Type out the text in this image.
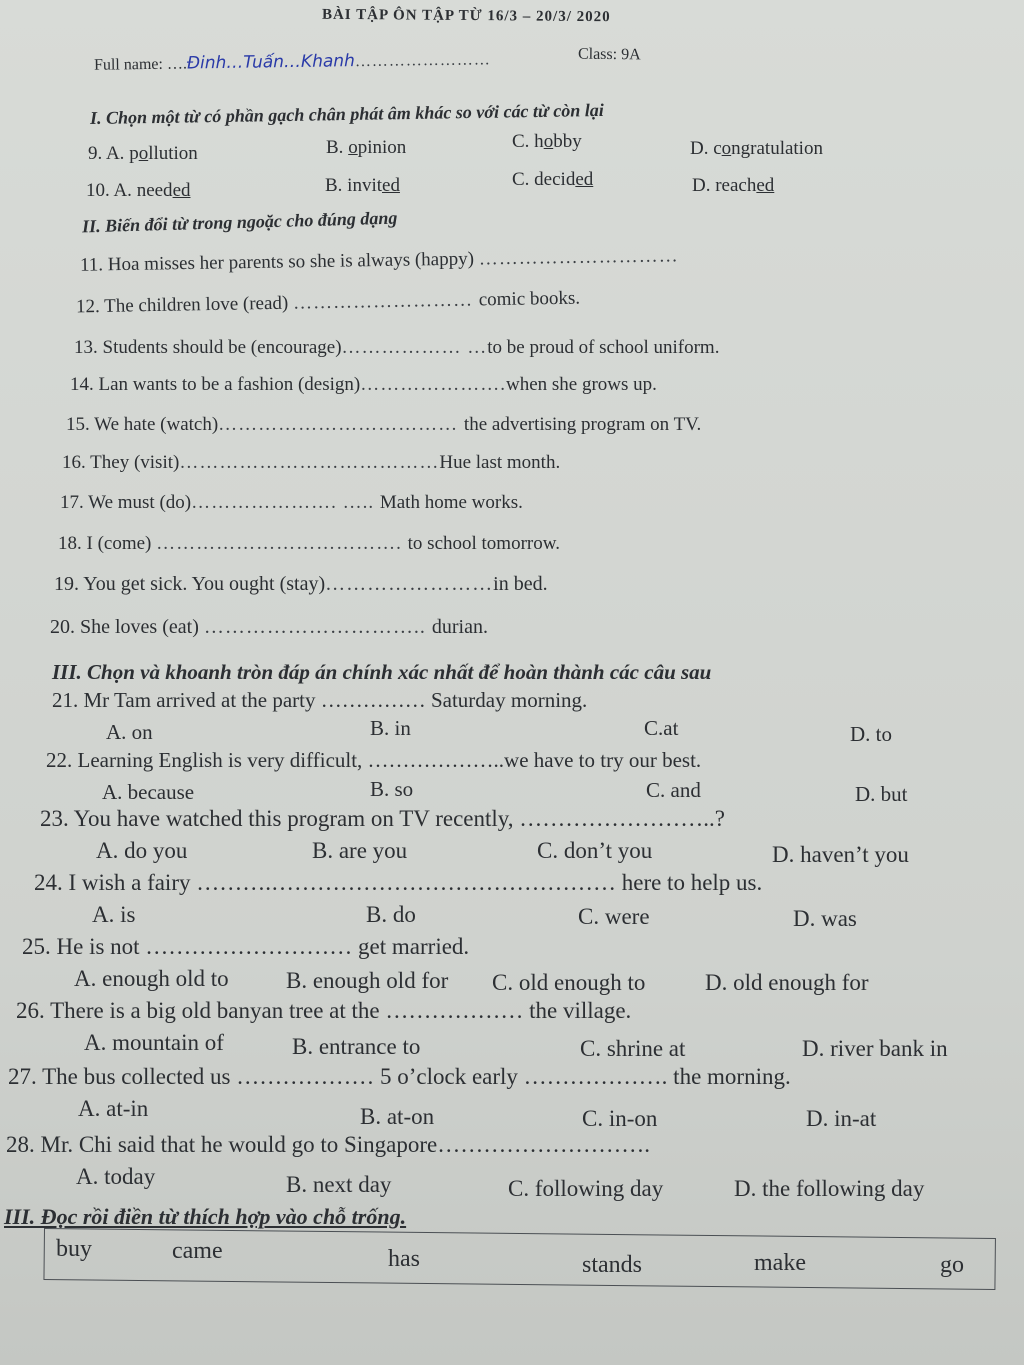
BÀI TẬP ÔN TẬP TỪ 16/3 – 20/3/ 2020
Full name: ….Đinh…Tuấn…Khanh……………………	Class: 9A
I. Chọn một từ có phần gạch chân phát âm khác so với các từ còn lại
9. A. pollution	B. opinion	C. hobby	D. congratulation
10. A. needed	B. invited	C. decided	D. reached
II. Biến đổi từ trong ngoặc cho đúng dạng
11. Hoa misses her parents so she is always (happy) …………………………
12. The children love (read) ……………………… comic books.
13. Students should be (encourage)……………… …to be proud of school uniform.
14. Lan wants to be a fashion (design)………………….when she grows up.
15. We hate (watch)……………………………… the advertising program on TV.
16. They (visit)…………………………………Hue last month.
17. We must (do)…………………. ….. Math home works.
18. I (come) ………………………………. to school tomorrow.
19. You get sick. You ought (stay)……………………in bed.
20. She loves (eat) ………………………….. durian.
III. Chọn và khoanh tròn đáp án chính xác nhất để hoàn thành các câu sau
21. Mr Tam arrived at the party …………… Saturday morning.
A. on	B. in	C.at	D. to
22. Learning English is very difficult, ………………..we have to try our best.
A. because	B. so	C. and	D. but
23. You have watched this program on TV recently, ……………………..?
A. do you	B. are you	C. don’t you	D. haven’t you
24. I wish a fairy ……….……………………………………… here to help us.
A. is	B. do	C. were	D. was
25. He is not ……………………… get married.
A. enough old to B. enough old for C. old enough to	D. old enough for
26. There is a big old banyan tree at the ……………… the village.
A. mountain of	B. entrance to	C. shrine at	D. river bank in
27. The bus collected us ……………… 5 o’clock early ………………. the morning.
A. at-in	B. at-on	C. in-on	D. in-at
28. Mr. Chi said that he would go to Singapore……………………….
A. today	B. next day	C. following day	D. the following day
III. Đọc rồi điền từ thích hợp vào chỗ trống.
buy	came	has	stands	make	go
